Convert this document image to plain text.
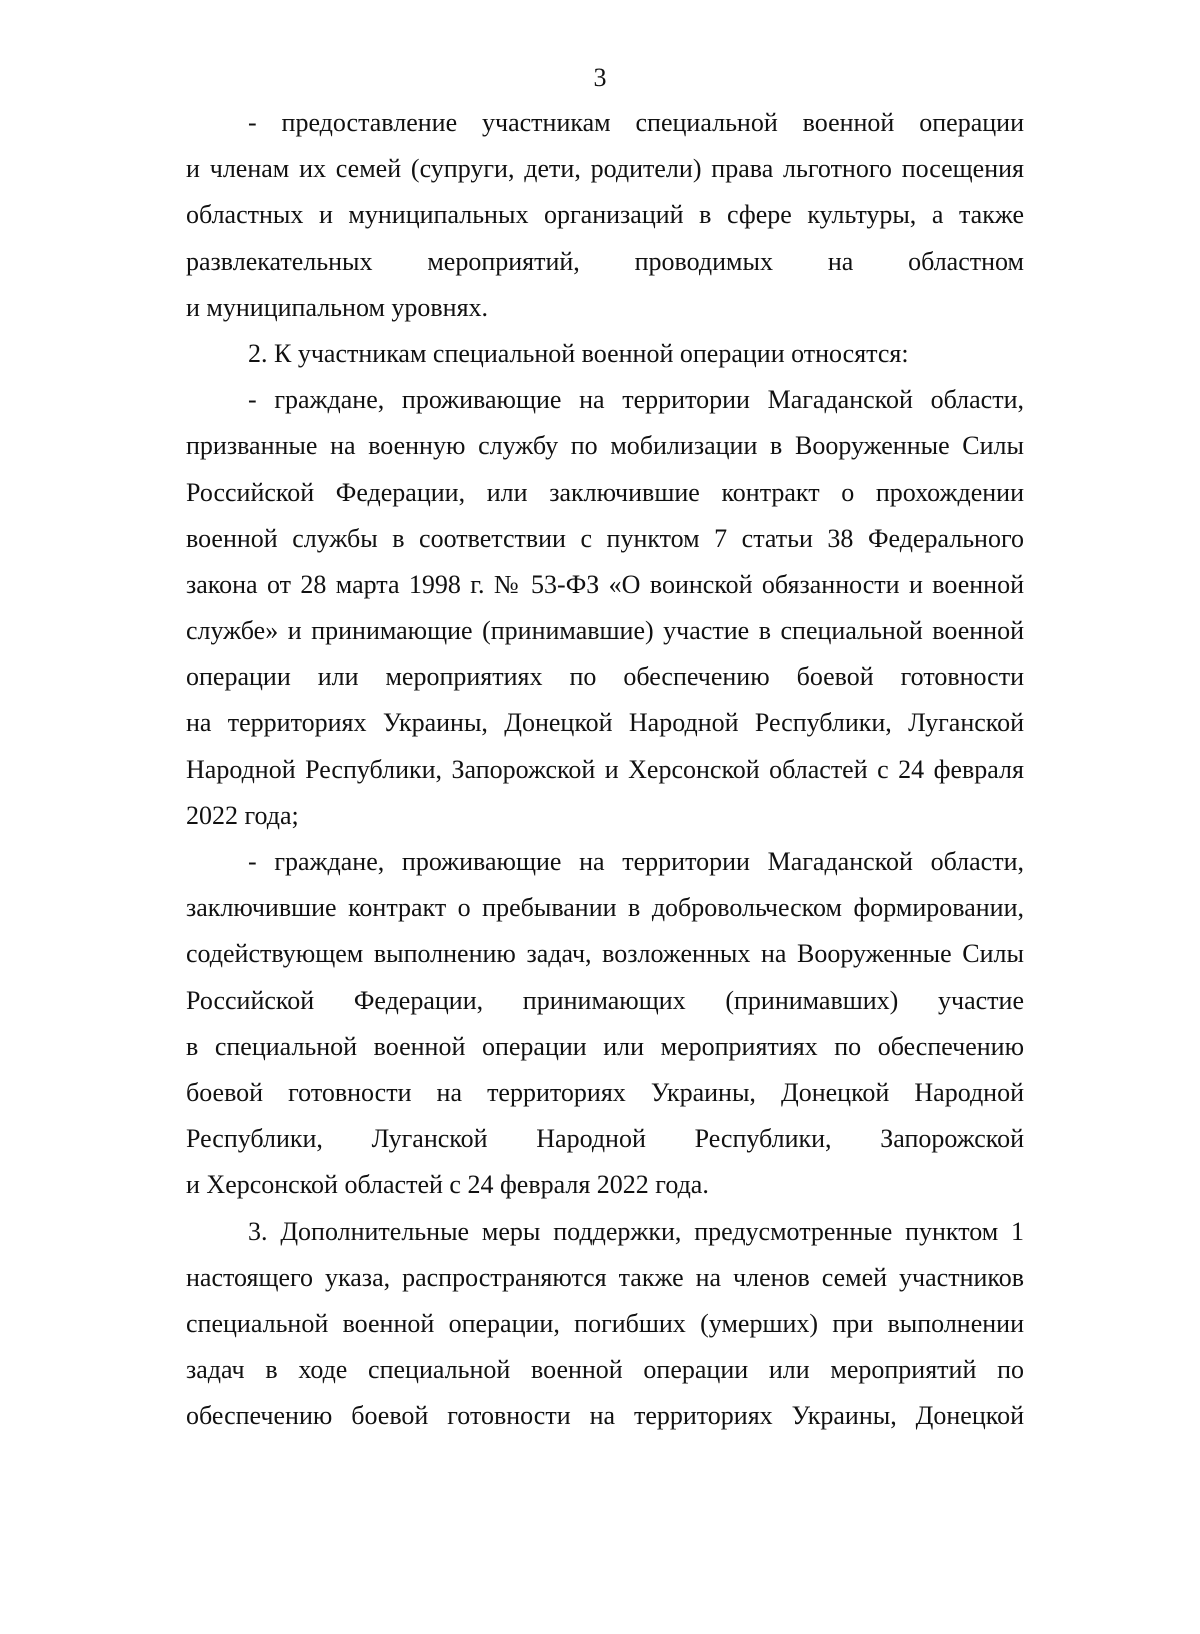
3
- предоставление участникам специальной военной операции
и членам их семей (супруги, дети, родители) права льготного посещения
областных и муниципальных организаций в сфере культуры, а также
развлекательных мероприятий, проводимых на областном
и муниципальном уровнях.
2. К участникам специальной военной операции относятся:
- граждане, проживающие на территории Магаданской области,
призванные на военную службу по мобилизации в Вооруженные Силы
Российской Федерации, или заключившие контракт о прохождении
военной службы в соответствии с пунктом 7 статьи 38 Федерального
закона от 28 марта 1998 г. № 53-ФЗ «О воинской обязанности и военной
службе» и принимающие (принимавшие) участие в специальной военной
операции или мероприятиях по обеспечению боевой готовности
на территориях Украины, Донецкой Народной Республики, Луганской
Народной Республики, Запорожской и Херсонской областей с 24 февраля
2022 года;
- граждане, проживающие на территории Магаданской области,
заключившие контракт о пребывании в добровольческом формировании,
содействующем выполнению задач, возложенных на Вооруженные Силы
Российской Федерации, принимающих (принимавших) участие
в специальной военной операции или мероприятиях по обеспечению
боевой готовности на территориях Украины, Донецкой Народной
Республики, Луганской Народной Республики, Запорожской
и Херсонской областей с 24 февраля 2022 года.
3. Дополнительные меры поддержки, предусмотренные пунктом 1
настоящего указа, распространяются также на членов семей участников
специальной военной операции, погибших (умерших) при выполнении
задач в ходе специальной военной операции или мероприятий по
обеспечению боевой готовности на территориях Украины, Донецкой
